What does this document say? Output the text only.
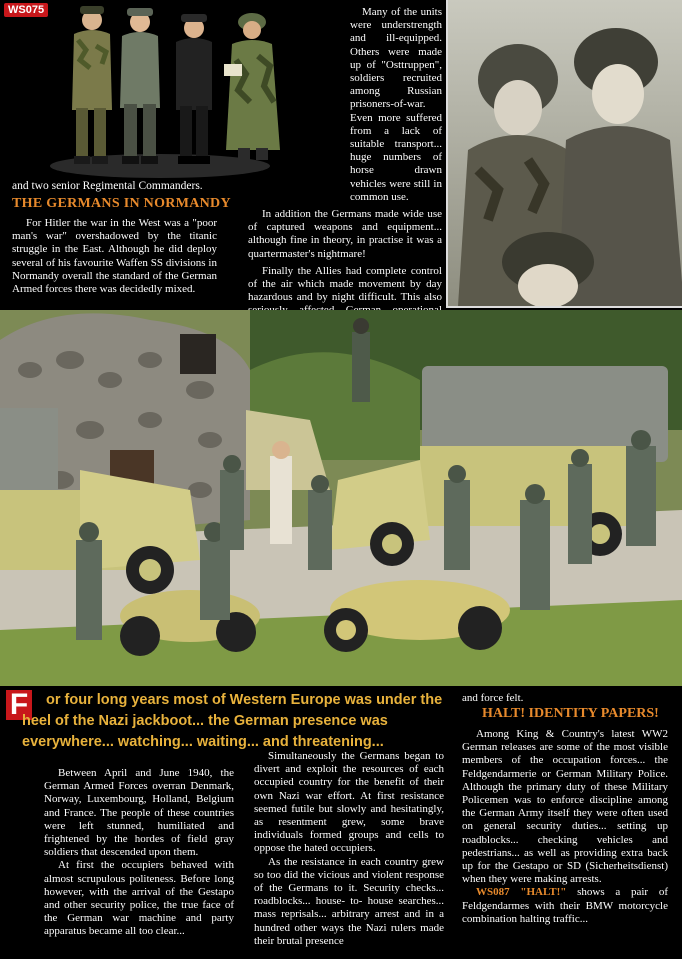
WS075
and two senior Regimental Commanders.
THE GERMANS IN NORMANDY

For Hitler the war in the West was a "poor man's war" overshadowed by the titanic struggle in the East. Although he did deploy several of his favourite Waffen SS divisions in Normandy overall the standard of the German Armed forces there was decidedly mixed.

Many of the units were understrength and ill-equipped. Others were made up of "Osttruppen", soldiers recruited among Russian prisoners-of-war. Even more suffered from a lack of suitable transport... huge numbers of horse drawn vehicles were still in common use.

In addition the Germans made wide use of captured weapons and equipment... although fine in theory, in practise it was a quartermaster's nightmare!

Finally the Allies had complete control of the air which made movement by day hazardous and by night difficult. This also

F	or four long years most of Western Europe was under the heel of the Nazi jackboot... the German presence was everywhere... watching... waiting... and threatening...

Between April and June 1940, the German Armed Forces overran Denmark, Norway, Luxembourg, Holland, Belgium and France. The people of these countries were left stunned, humiliated and frightened by the hordes of field gray soldiers that descended upon them.

At first the occupiers behaved with almost scrupulous politeness. Before long however, with the arrival of the Gestapo and other security police, the true face of the German war machine and party apparatus became all too clear...

Simultaneously the Germans began to divert and exploit the resources of each occupied country for the benefit of their own Nazi war effort. At first resistance seemed futile but slowly and hesitatingly, as resentment grew, some brave individuals formed groups and cells to oppose the hated occupiers.

As the resistance in each country grew so too did the vicious and violent response of the Germans to it. Security checks... roadblocks... house- to- house searches... mass reprisals... arbitrary arrest and in a hundred other ways the Nazi rulers made their brutal presence

and force felt.
HALT! IDENTITY PAPERS!

Among King & Country's latest WW2 German releases are some of the most visible members of the occupation forces... the Feldgendarmerie or German Military Police. Although the primary duty of these Military Policemen was to enforce discipline among the German Army itself they were often used on general security duties... setting up roadblocks... checking vehicles and pedestrians... as well as providing extra back up for the Gestapo or SD (Sicherheitsdienst) when they were making arrests.

WS087 "HALT!" shows a pair of Feldgendarmes with their BMW motorcycle combination halting traffic...
